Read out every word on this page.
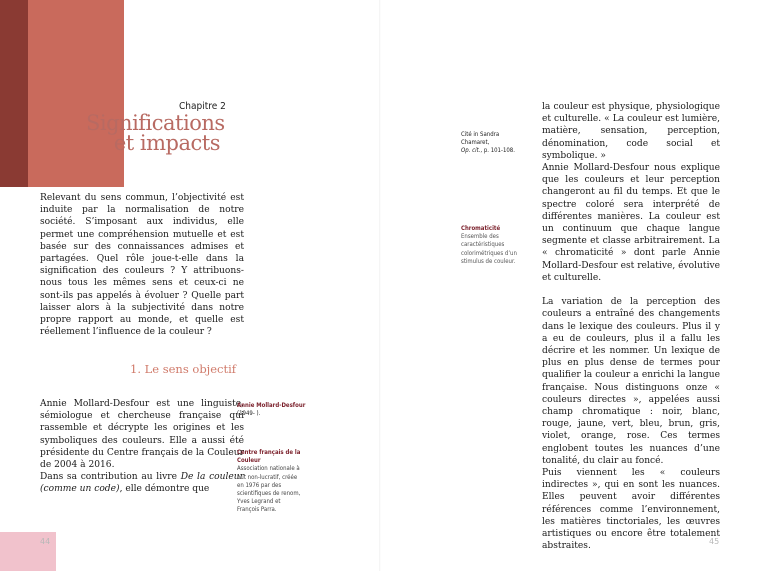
Chapitre 2
Significations
et impacts

Relevant du sens commun, l’objectivité est induite par la normalisation de notre société. S’imposant aux individus, elle permet une compréhension mutuelle et est basée sur des connaissances admises et partagées. Quel rôle joue-t-elle dans la signification des couleurs ? Y attribuons-nous tous les mêmes sens et ceux-ci ne sont-ils pas appelés à évoluer ? Quelle part laisser alors à la subjectivité dans notre propre rapport au monde, et quelle est réellement l’influence de la couleur ?

1. Le sens objectif

Annie Mollard-Desfour est une linguiste, sémiologue et chercheuse française qui rassemble et décrypte les origines et les symboliques des couleurs. Elle a aussi été présidente du Centre français de la Couleur de 2004 à 2016.

Dans sa contribution au livre De la couleur (comme un code), elle démontre que

Annie Mollard-Desfour
(1949- ).
Centre français de la Couleur
Association nationale à but non-lucratif, créée en 1976 par des scientifiques de renom, Yves Legrand et François Parra.
44
Cité in Sandra Chamaret,
Op. cit., p. 101-108.
Chromaticité
Ensemble des caractéristiques colorimétriques d’un stimulus de couleur.

la couleur est physique, physiologique et culturelle. « La couleur est lumière, matière, sensation, perception, dénomination, code social et symbolique. »

Annie Mollard-Desfour nous explique que les couleurs et leur perception changeront au fil du temps. Et que le spectre coloré sera interprété de différentes manières. La couleur est un continuum que chaque langue segmente et classe arbitrairement. La « chromaticité » dont parle Annie Mollard-Desfour est relative, évolutive et culturelle.

La variation de la perception des couleurs a entraîné des changements dans le lexique des couleurs. Plus il y a eu de couleurs, plus il a fallu les décrire et les nommer. Un lexique de plus en plus dense de termes pour qualifier la couleur a enrichi la langue française. Nous distinguons onze « couleurs directes », appelées aussi champ chromatique : noir, blanc, rouge, jaune, vert, bleu, brun, gris, violet, orange, rose. Ces termes englobent toutes les nuances d’une tonalité, du clair au foncé.

Puis viennent les « couleurs indirectes », qui en sont les nuances. Elles peuvent avoir différentes références comme l’environnement, les matières tinctoriales, les œuvres artistiques ou encore être totalement abstraites.	45
